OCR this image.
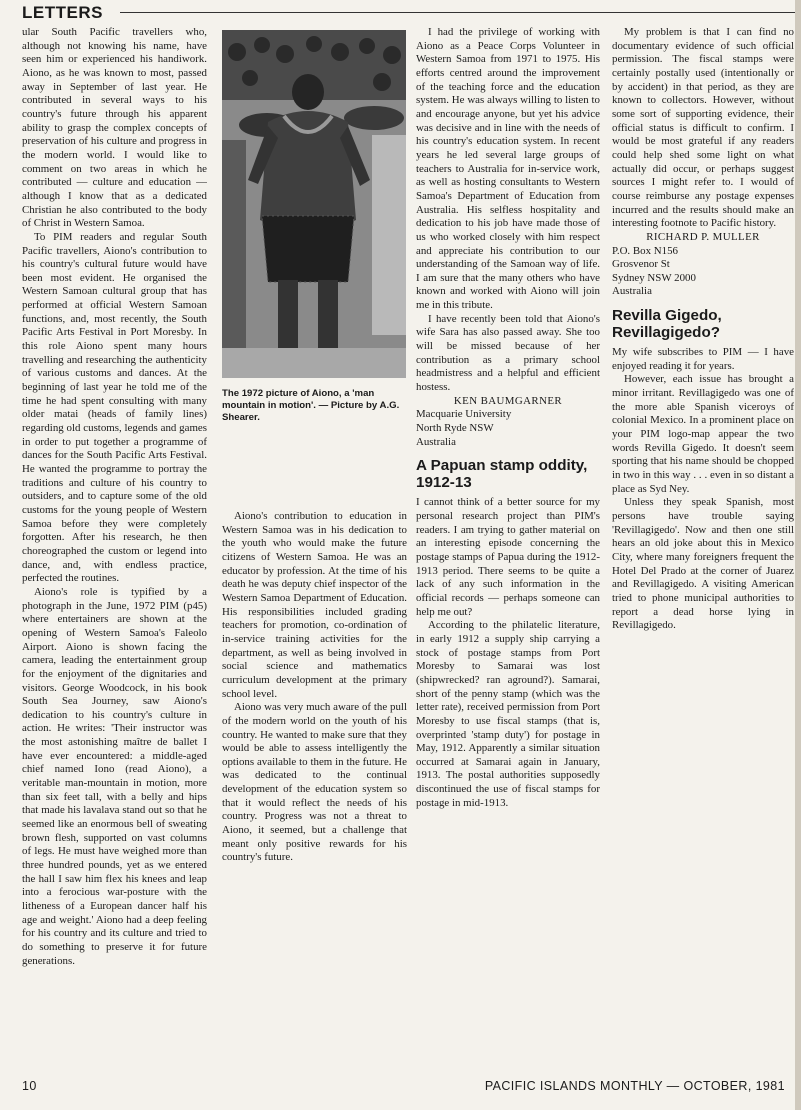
LETTERS
The 1972 picture of Aiono, a 'man mountain in motion'. — Picture by A.G. Shearer.

ular South Pacific travellers who, although not knowing his name, have seen him or experienced his handiwork. Aiono, as he was known to most, passed away in September of last year. He contributed in several ways to his country's future through his apparent ability to grasp the complex concepts of preservation of his culture and progress in the modern world. I would like to comment on two areas in which he contributed — culture and education — although I know that as a dedicated Christian he also contributed to the body of Christ in Western Samoa.

To PIM readers and regular South Pacific travellers, Aiono's contribution to his country's cultural future would have been most evident. He organised the Western Samoan cultural group that has performed at official Western Samoan functions, and, most recently, the South Pacific Arts Festival in Port Moresby. In this role Aiono spent many hours travelling and researching the authenticity of various customs and dances. At the beginning of last year he told me of the time he had spent consulting with many older matai (heads of family lines) regarding old customs, legends and games in order to put together a programme of dances for the South Pacific Arts Festival. He wanted the programme to portray the traditions and culture of his country to outsiders, and to capture some of the old customs for the young people of Western Samoa before they were completely forgotten. After his research, he then choreographed the custom or legend into dance, and, with endless practice, perfected the routines.

Aiono's role is typified by a photograph in the June, 1972 PIM (p45) where entertainers are shown at the opening of Western Samoa's Faleolo Airport. Aiono is shown facing the camera, leading the entertainment group for the enjoyment of the dignitaries and visitors. George Woodcock, in his book South Sea Journey, saw Aiono's dedication to his country's culture in action. He writes: 'Their instructor was the most astonishing maître de ballet I have ever encountered: a middle-aged chief named Iono (read Aiono), a veritable man-mountain in motion, more than six feet tall, with a belly and hips that made his lavalava stand out so that he seemed like an enormous bell of sweating brown flesh, supported on vast columns of legs. He must have weighed more than three hundred pounds, yet as we entered the hall I saw him flex his knees and leap into a ferocious war-posture with the litheness of a European dancer half his age and weight.' Aiono had a deep feeling for his country and its culture and tried to do something to preserve it for future generations.

Aiono's contribution to education in Western Samoa was in his dedication to the youth who would make the future citizens of Western Samoa. He was an educator by profession. At the time of his death he was deputy chief inspector of the Western Samoa Department of Education. His responsibilities included grading teachers for promotion, co-ordination of in-service training activities for the department, as well as being involved in social science and mathematics curriculum development at the primary school level.

Aiono was very much aware of the pull of the modern world on the youth of his country. He wanted to make sure that they would be able to assess intelligently the options available to them in the future. He was dedicated to the continual development of the education system so that it would reflect the needs of his country. Progress was not a threat to Aiono, it seemed, but a challenge that meant only positive rewards for his country's future.

I had the privilege of working with Aiono as a Peace Corps Volunteer in Western Samoa from 1971 to 1975. His efforts centred around the improvement of the teaching force and the education system. He was always willing to listen to and encourage anyone, but yet his advice was decisive and in line with the needs of his country's education system. In recent years he led several large groups of teachers to Australia for in-service work, as well as hosting consultants to Western Samoa's Department of Education from Australia. His selfless hospitality and dedication to his job have made those of us who worked closely with him respect and appreciate his contribution to our understanding of the Samoan way of life. I am sure that the many others who have known and worked with Aiono will join me in this tribute.

I have recently been told that Aiono's wife Sara has also passed away. She too will be missed because of her contribution as a primary school headmistress and a helpful and efficient hostess.

KEN BAUMGARNER
Macquarie University
North Ryde NSW
Australia
A Papuan stamp oddity, 1912-13

I cannot think of a better source for my personal research project than PIM's readers. I am trying to gather material on an interesting episode concerning the postage stamps of Papua during the 1912-1913 period. There seems to be quite a lack of any such information in the official records — perhaps someone can help me out?

According to the philatelic literature, in early 1912 a supply ship carrying a stock of postage stamps from Port Moresby to Samarai was lost (shipwrecked? ran aground?). Samarai, short of the penny stamp (which was the letter rate), received permission from Port Moresby to use fiscal stamps (that is, overprinted 'stamp duty') for postage in May, 1912. Apparently a similar situation occurred at Samarai again in January, 1913. The postal authorities supposedly discontinued the use of fiscal stamps for postage in mid-1913.

My problem is that I can find no documentary evidence of such official permission. The fiscal stamps were certainly postally used (intentionally or by accident) in that period, as they are known to collectors. However, without some sort of supporting evidence, their official status is difficult to confirm. I would be most grateful if any readers could help shed some light on what actually did occur, or perhaps suggest sources I might refer to. I would of course reimburse any postage expenses incurred and the results should make an interesting footnote to Pacific history.

RICHARD P. MULLER
P.O. Box N156
Grosvenor St
Sydney NSW 2000
Australia
Revilla Gigedo, Revillagigedo?

My wife subscribes to PIM — I have enjoyed reading it for years.

However, each issue has brought a minor irritant. Revillagigedo was one of the more able Spanish viceroys of colonial Mexico. In a prominent place on your PIM logo-map appear the two words Revilla Gigedo. It doesn't seem sporting that his name should be chopped in two in this way . . . even in so distant a place as Syd Ney.

Unless they speak Spanish, most persons have trouble saying 'Revillagigedo'. Now and then one still hears an old joke about this in Mexico City, where many foreigners frequent the Hotel Del Prado at the corner of Juarez and Revillagigedo. A visiting American tried to phone municipal authorities to report a dead horse lying in Revillagigedo.

10	PACIFIC ISLANDS MONTHLY — OCTOBER, 1981
